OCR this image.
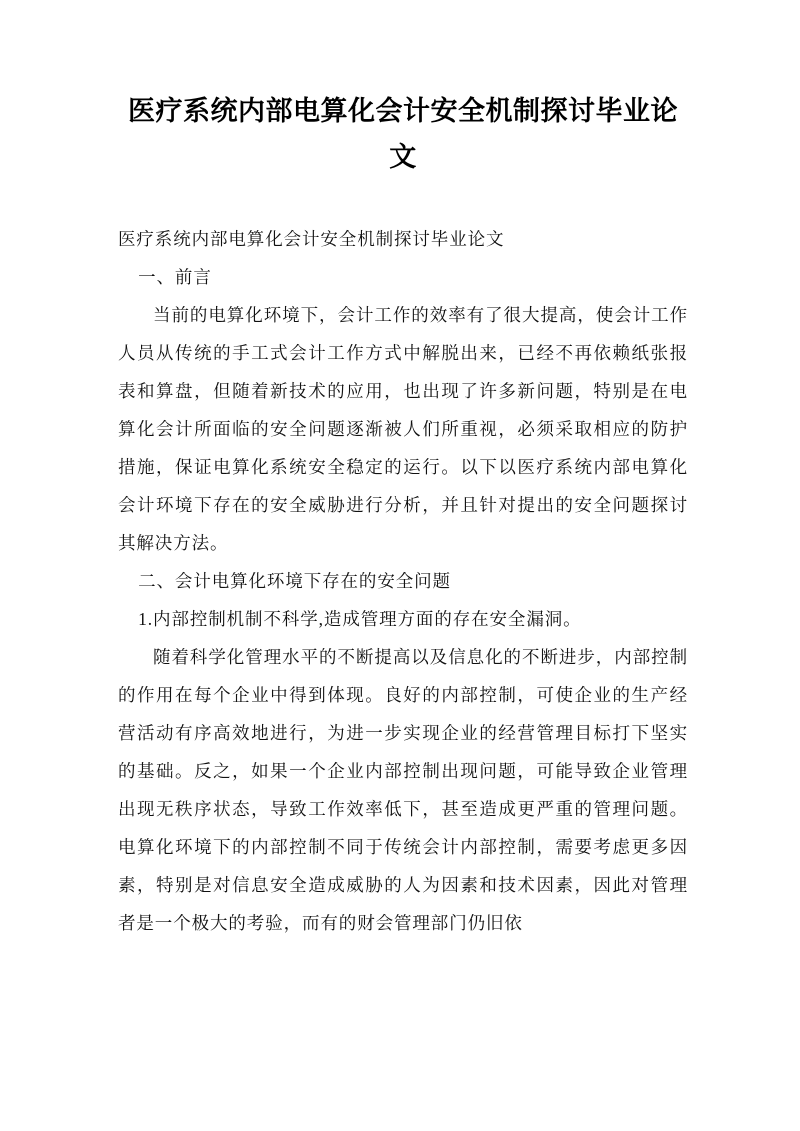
医疗系统内部电算化会计安全机制探讨毕业论文

医疗系统内部电算化会计安全机制探讨毕业论文

一、前言

当前的电算化环境下，会计工作的效率有了很大提高，使会计工作人员从传统的手工式会计工作方式中解脱出来，已经不再依赖纸张报表和算盘，但随着新技术的应用，也出现了许多新问题，特别是在电算化会计所面临的安全问题逐渐被人们所重视，必须采取相应的防护措施，保证电算化系统安全稳定的运行。以下以医疗系统内部电算化会计环境下存在的安全威胁进行分析，并且针对提出的安全问题探讨其解决方法。

二、会计电算化环境下存在的安全问题

1.内部控制机制不科学,造成管理方面的存在安全漏洞。

随着科学化管理水平的不断提高以及信息化的不断进步，内部控制的作用在每个企业中得到体现。良好的内部控制，可使企业的生产经营活动有序高效地进行，为进一步实现企业的经营管理目标打下坚实的基础。反之，如果一个企业内部控制出现问题，可能导致企业管理出现无秩序状态，导致工作效率低下，甚至造成更严重的管理问题。电算化环境下的内部控制不同于传统会计内部控制，需要考虑更多因素，特别是对信息安全造成威胁的人为因素和技术因素，因此对管理者是一个极大的考验，而有的财会管理部门仍旧依
